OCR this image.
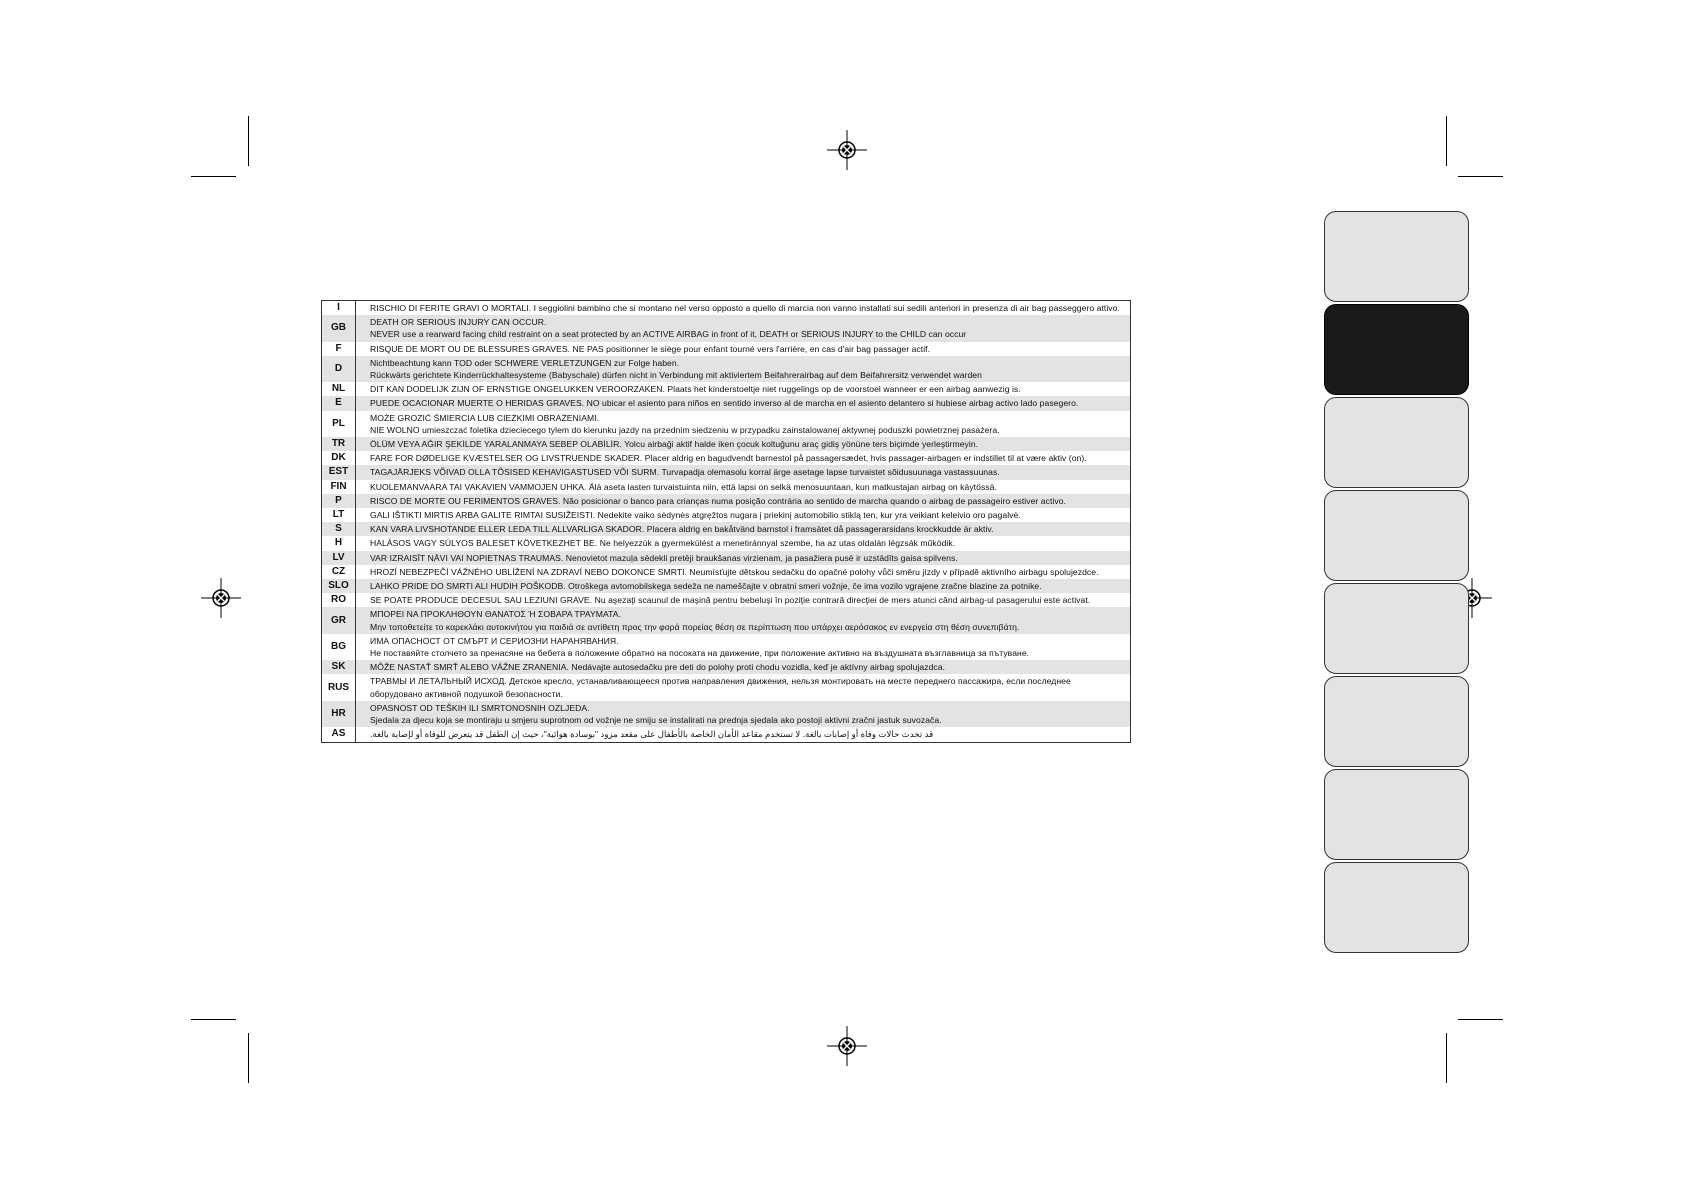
I	RISCHIO DI FERITE GRAVI O MORTALI. I seggiolini bambino che si montano nel verso opposto a quello di marcia non vanno installati sui sedili anteriori in presenza di air bag passeggero attivo.

GB	DEATH OR SERIOUS INJURY CAN OCCUR.
NEVER use a rearward facing child restraint on a seat protected by an ACTIVE AIRBAG in front of it, DEATH or SERIOUS INJURY to the CHILD can occur

F	RISQUE DE MORT OU DE BLESSURES GRAVES. NE PAS positionner le siège pour enfant tourné vers l'arrière, en cas d'air bag passager actif.

D	Nichtbeachtung kann TOD oder SCHWERE VERLETZUNGEN zur Folge haben.
Rückwärts gerichtete Kinderrückhaltesysteme (Babyschale) dürfen nicht in Verbindung mit aktiviertem Beifahrerairbag auf dem Beifahrersitz verwendet warden

NL	DIT KAN DODELIJK ZIJN OF ERNSTIGE ONGELUKKEN VEROORZAKEN. Plaats het kinderstoeltje niet ruggelings op de voorstoel wanneer er een airbag aanwezig is.

E	PUEDE OCACIONAR MUERTE O HERIDAS GRAVES. NO ubicar el asiento para niños en sentido inverso al de marcha en el asiento delantero si hubiese airbag activo lado pasegero.

PL	MOŻE GROZIĆ ŚMIERCIA LUB CIEŻKIMI OBRAŻENIAMI.
NIE WOLNO umieszczać foletika dzieciecego tylem do kierunku jazdy na przednim siedzeniu w przypadku zainstalowanej aktywnej poduszki powietrznej pasażera.

TR	ÖLÜM VEYA AĞIR ŞEKİLDE YARALANMAYA SEBEP OLABİLİR. Yolcu airbaği aktif halde iken çocuk koltuğunu araç gidiş yönüne ters biçimde yerleştirmeyin.

DK	FARE FOR DØDELIGE KVÆSTELSER OG LIVSTRUENDE SKADER. Placer aldrig en bagudvendt barnestol på passagersædet, hvis passager-airbagen er indstillet til at være aktiv (on).

EST	TAGAJÄRJEKS VÕIVAD OLLA TÕSISED KEHAVIGASTUSED VÕI SURM. Turvapadja olemasolu korral ärge asetage lapse turvaistet sõidusuunaga vastassuunas.

FIN	KUOLEMANVAARA TAI VAKAVIEN VAMMOJEN UHKA. Älä aseta lasten turvaistuinta niin, että lapsi on selkä menosuuntaan, kun matkustajan airbag on käytössä.

P	RISCO DE MORTE OU FERIMENTOS GRAVES. Não posicionar o banco para crianças numa posição contrária ao sentido de marcha quando o airbag de passageiro estiver activo.

LT	GALI IŠTIKTI MIRTIS ARBA GALITE RIMTAI SUSIŽEISTI. Nedekite vaiko sėdynės atgręžtos nugara į priekinį automobilio stiklą ten, kur yra veikiant keleivio oro pagalvė.

S	KAN VARA LIVSHOTANDE ELLER LEDA TILL ALLVARLIGA SKADOR. Placera aldrig en bakåtvänd barnstol i framsätet då passagerarsidans krockkudde är aktiv.

H	HALÁSOS VAGY SÚLYOS BALESET KÖVETKEZHET BE. Ne helyezzük a gyermekülést a menetiránnyal szembe, ha az utas oldalán légzsák működik.

LV	VAR IZRAISĪT NĀVI VAI NOPIETNAS TRAUMAS. Nenovietot mazuļa sēdekli pretēji braukšanas virzienam, ja pasažiera pusē ir uzstādīts gaisa spilvens.

CZ	HROZÍ NEBEZPEČÍ VÁŽNÉHO UBLÍŽENÍ NA ZDRAVÍ NEBO DOKONCE SMRTI. Neumísťujte dětskou sedačku do opačné polohy vůči směru jízdy v případě aktivního airbagu spolujezdce.

SLO	LAHKO PRIDE DO SMRTI ALI HUDIH POŠKODB. Otroškega avtomobilskega sedeža ne nameščajte v obratni smeri vožnje, če ima vozilo vgrajene zračne blazine za potnike.

RO	SE POATE PRODUCE DECESUL SAU LEZIUNI GRAVE. Nu aşezaţi scaunul de maşină pentru bebeluşi în poziţie contrară direcţiei de mers atunci când airbag-ul pasagerului este activat.

GR	ΜΠΟΡΕΙ ΝΑ ΠΡΟΚΛΗΘΟΥΝ ΘΑΝΑΤΟΣ Ή ΣΟΒΑΡΑ ΤΡΑΥΜΑΤΑ.
Μην τοποθετείτε το καρεκλάκι αυτοκινήτου για παιδιά σε αντίθετη προς την φορά πορείας θέση σε περίπτωση που υπάρχει αερόσακος εν ενεργεία στη θέση συνεπιβάτη.

BG	ИМА ОПАСНОСТ ОТ СМЪРТ И СЕРИОЗНИ НАРАНЯВАНИЯ.
Не поставяйте столчето за пренасяне на бебета в положение обратно на посоката на движение, при положение активно на въздушната възглавница за пътуване.

SK	MÔŽE NASTAŤ SMRŤ ALEBO VÁŽNE ZRANENIA. Nedávajte autosedačku pre deti do polohy proti chodu vozidla, keď je aktívny airbag spolujazdca.

RUS	ТРАВМЫ И ЛЕТАЛЬНЫЙ ИСХОД. Детское кресло, устанавливающееся против направления движения, нельзя монтировать на месте переднего пассажира, если последнее
оборудовано активной подушкой безопасности.

HR	OPASNOST OD TEŠKIH ILI SMRTONOSNIH OZLJEDA.
Sjedala za djecu koja se montiraju u smjeru suprotnom od vožnje ne smiju se instalirati na prednja sjedala ako postoji aktivni zračni jastuk suvozača.

AS	قد تحدث حالات وفاة أو إصابات بالغة. لا تستخدم مقاعد الأمان الخاصة بالأطفال على مقعد مزود "بوسادة هوائية"، حيث إن الطفل قد يتعرض للوفاة أو لإصابة بالغة.
